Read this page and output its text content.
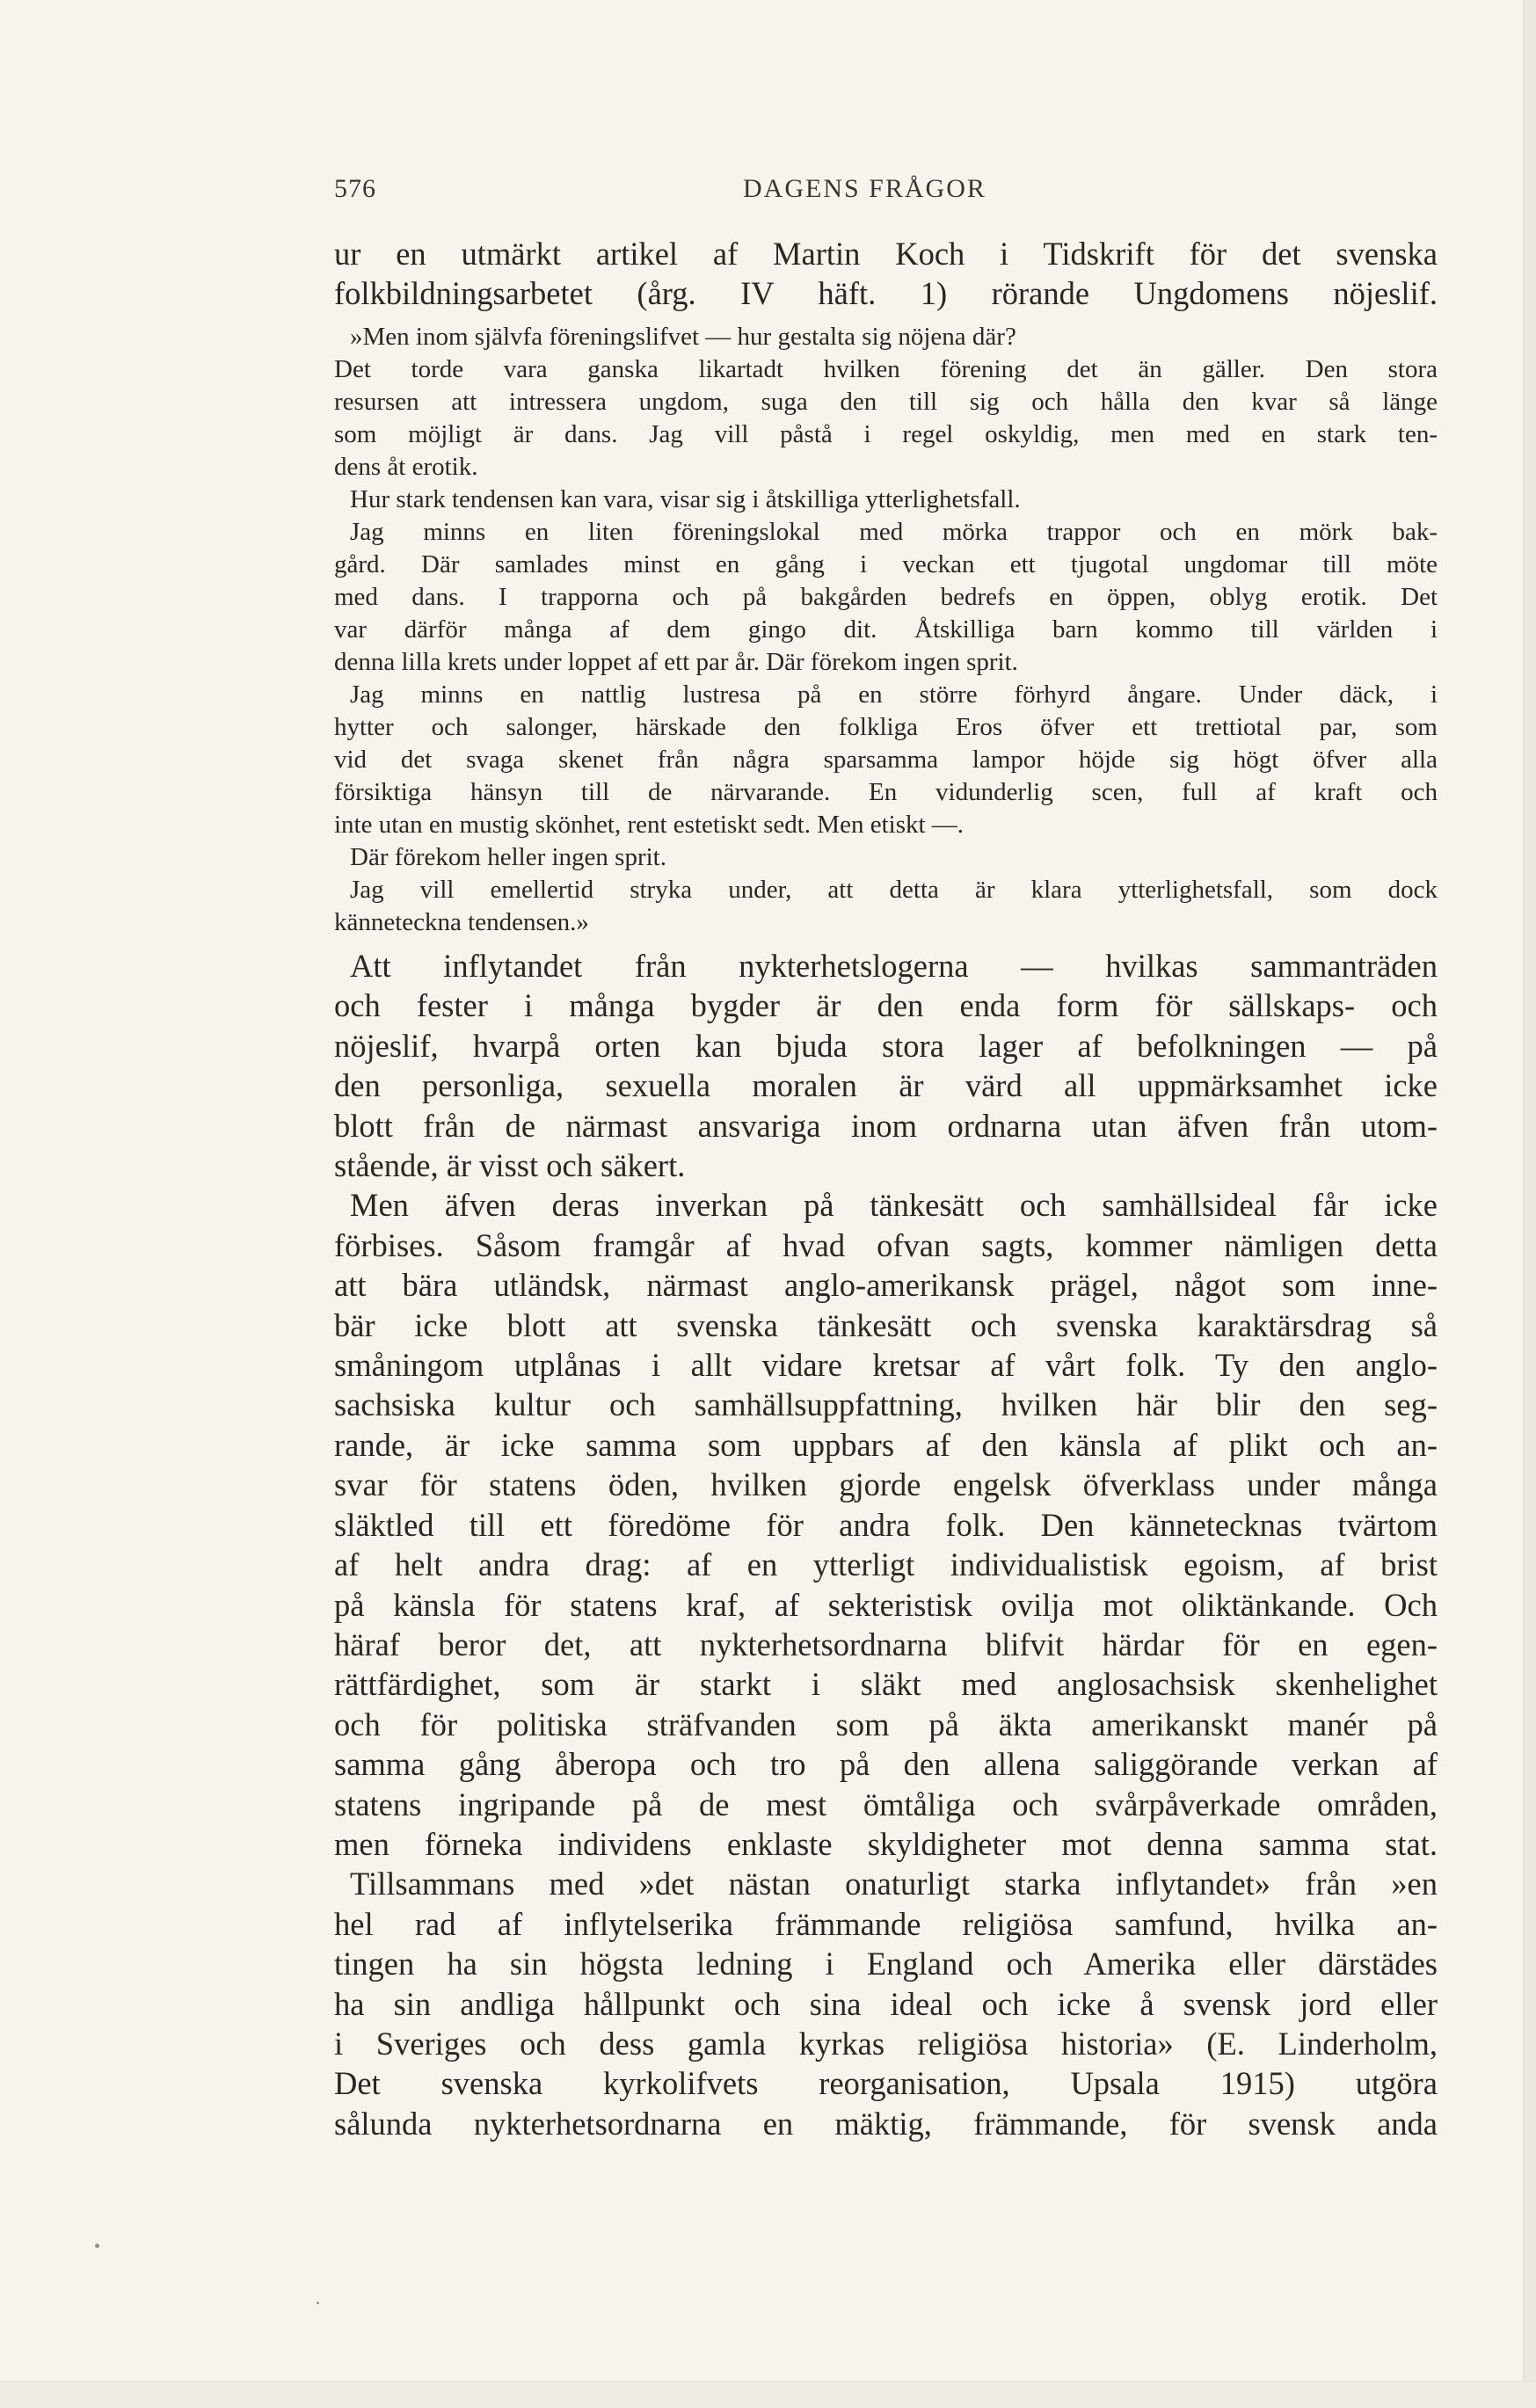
576	DAGENS FRÅGOR
ur en utmärkt artikel af Martin Koch i Tidskrift för det svenska
folkbildningsarbetet (årg. IV häft. 1) rörande Ungdomens nöjeslif.
»Men inom självfa föreningslifvet — hur gestalta sig nöjena där?
Det torde vara ganska likartadt hvilken förening det än gäller. Den stora
resursen att intressera ungdom, suga den till sig och hålla den kvar så länge
som möjligt är dans. Jag vill påstå i regel oskyldig, men med en stark ten-
dens åt erotik.
Hur stark tendensen kan vara, visar sig i åtskilliga ytterlighetsfall.
Jag minns en liten föreningslokal med mörka trappor och en mörk bak-
gård. Där samlades minst en gång i veckan ett tjugotal ungdomar till möte
med dans. I trapporna och på bakgården bedrefs en öppen, oblyg erotik. Det
var därför många af dem gingo dit. Åtskilliga barn kommo till världen i
denna lilla krets under loppet af ett par år. Där förekom ingen sprit.
Jag minns en nattlig lustresa på en större förhyrd ångare. Under däck, i
hytter och salonger, härskade den folkliga Eros öfver ett trettiotal par, som
vid det svaga skenet från några sparsamma lampor höjde sig högt öfver alla
försiktiga hänsyn till de närvarande. En vidunderlig scen, full af kraft och
inte utan en mustig skönhet, rent estetiskt sedt. Men etiskt —.
Där förekom heller ingen sprit.
Jag vill emellertid stryka under, att detta är klara ytterlighetsfall, som dock
känneteckna tendensen.»
Att inflytandet från nykterhetslogerna — hvilkas sammanträden
och fester i många bygder är den enda form för sällskaps- och
nöjeslif, hvarpå orten kan bjuda stora lager af befolkningen — på
den personliga, sexuella moralen är värd all uppmärksamhet icke
blott från de närmast ansvariga inom ordnarna utan äfven från utom-
stående, är visst och säkert.
Men äfven deras inverkan på tänkesätt och samhällsideal får icke
förbises. Såsom framgår af hvad ofvan sagts, kommer nämligen detta
att bära utländsk, närmast anglo-amerikansk prägel, något som inne-
bär icke blott att svenska tänkesätt och svenska karaktärsdrag så
småningom utplånas i allt vidare kretsar af vårt folk. Ty den anglo-
sachsiska kultur och samhällsuppfattning, hvilken här blir den seg-
rande, är icke samma som uppbars af den känsla af plikt och an-
svar för statens öden, hvilken gjorde engelsk öfverklass under många
släktled till ett föredöme för andra folk. Den kännetecknas tvärtom
af helt andra drag: af en ytterligt individualistisk egoism, af brist
på känsla för statens kraf, af sekteristisk ovilja mot oliktänkande. Och
häraf beror det, att nykterhetsordnarna blifvit härdar för en egen-
rättfärdighet, som är starkt i släkt med anglosachsisk skenhelighet
och för politiska sträfvanden som på äkta amerikanskt manér på
samma gång åberopa och tro på den allena saliggörande verkan af
statens ingripande på de mest ömtåliga och svårpåverkade områden,
men förneka individens enklaste skyldigheter mot denna samma stat.
Tillsammans med »det nästan onaturligt starka inflytandet» från »en
hel rad af inflytelserika främmande religiösa samfund, hvilka an-
tingen ha sin högsta ledning i England och Amerika eller därstädes
ha sin andliga hållpunkt och sina ideal och icke å svensk jord eller
i Sveriges och dess gamla kyrkas religiösa historia» (E. Linderholm,
Det svenska kyrkolifvets reorganisation, Upsala 1915) utgöra
sålunda nykterhetsordnarna en mäktig, främmande, för svensk anda
